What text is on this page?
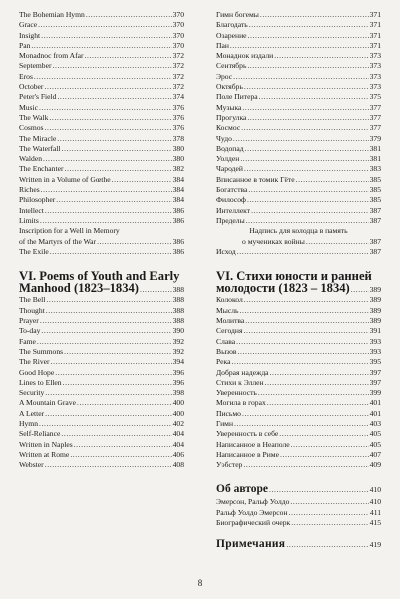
The Bohemian Hymn .....	370
Grace .....	370
Insight .....	370
Pan .....	370
Monadnoc from Afar .....	372
September .....	372
Eros .....	372
October .....	372
Peter's Field .....	374
Music .....	376
The Walk .....	376
Cosmos .....	376
The Miracle .....	378
The Waterfall .....	380
Walden .....	380
The Enchanter .....	382
Written in a Volume of Gœthe .....	384
Riches .....	384
Philosopher .....	384
Intellect .....	386
Limits .....	386
Inscription for a Well in Memory
of the Martyrs of the War .....	386
The Exile .....	386
VI. Poems of Youth and Early
Manhood (1823–1834) .....	388
The Bell .....	388
Thought .....	388
Prayer .....	388
To-day .....	390
Fame .....	392
The Summons .....	392
The River .....	394
Good Hope .....	396
Lines to Ellen .....	396
Security .....	398
A Mountain Grave .....	400
A Letter .....	400
Hymn .....	402
Self-Reliance .....	404
Written in Naples .....	404
Written at Rome .....	406
Webster .....	408
Гимн богемы .....	371
Благодать .....	371
Озарение .....	371
Пан .....	371
Монаднок издали .....	373
Сентябрь .....	373
Эрос .....	373
Октябрь .....	373
Поле Питера .....	375
Музыка .....	377
Прогулка .....	377
Космос .....	377
Чудо .....	379
Водопад .....	381
Уолден .....	381
Чародей .....	383
Вписанное в томик Гёте .....	385
Богатства .....	385
Философ .....	385
Интеллект .....	387
Пределы .....	387
Надпись для колодца в память
о мучениках войны .....	387
Исход .....	387
VI. Стихи юности и ранней
молодости (1823 – 1834) .....	389
Колокол .....	389
Мысль .....	389
Молитва .....	389
Сегодня .....	391
Слава .....	393
Вызов .....	393
Река .....	395
Добрая надежда .....	397
Стихи к Эллен .....	397
Уверенность .....	399
Могила в горах .....	401
Письмо .....	401
Гимн .....	403
Уверенность в себе .....	405
Написанное в Неаполе .....	405
Написанное в Риме .....	407
Уэбстер .....	409
Об авторе .....	410
Эмерсон, Ральф Уолдо .....	410
Ральф Уолдо Эмерсон .....	411
Биографический очерк .....	415
Примечания .....	419
8
